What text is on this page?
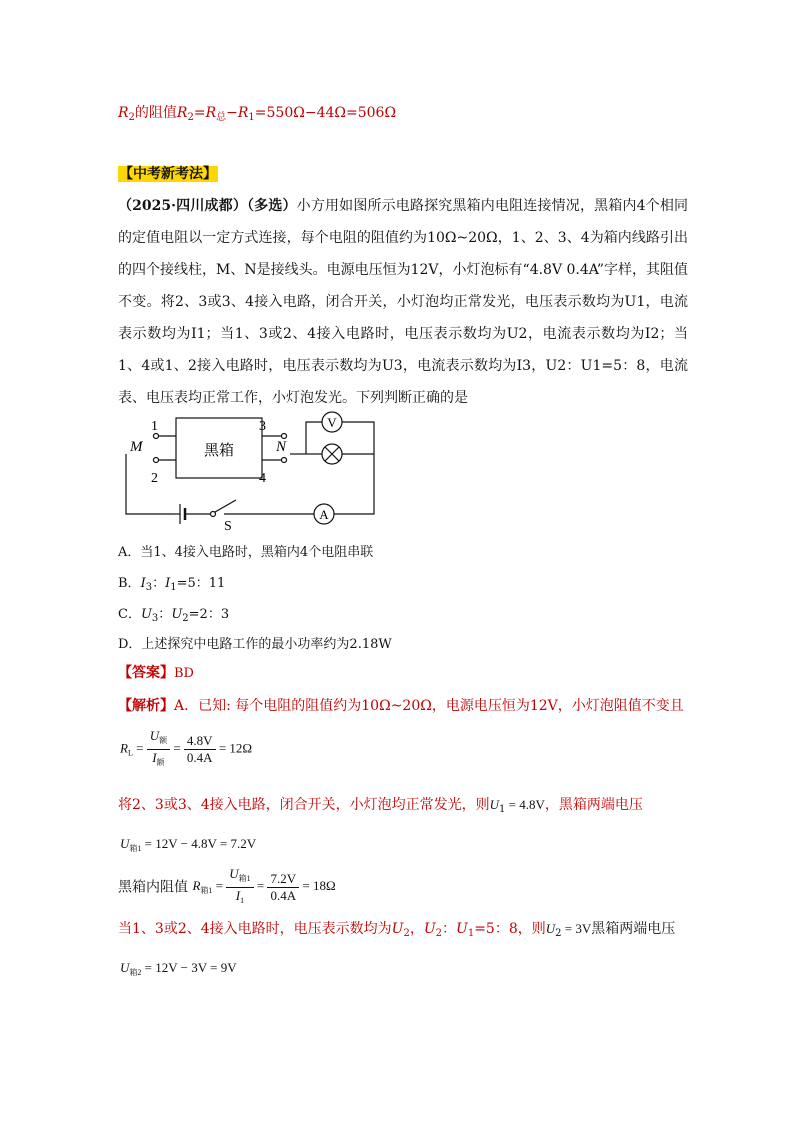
$R_2$的阻值$R_2=R_总-R_1=550\Omega-44\Omega=506\Omega$
【中考新考法】
（2025·四川成都）（多选）小方用如图所示电路探究黑箱内电阻连接情况，黑箱内4个相同的定值电阻以一定方式连接，每个电阻的阻值约为10Ω~20Ω，1、2、3、4为箱内线路引出的四个接线柱，M、N是接线头。电源电压恒为12V，小灯泡标有“4.8V 0.4A”字样，其阻值不变。将2、3或3、4接入电路，闭合开关，小灯泡均正常发光，电压表示数均为U1，电流表示数均为I1；当1、3或2、4接入电路时，电压表示数均为U2，电流表示数均为I2；当1、4或1、2接入电路时，电压表示数均为U3，电流表示数均为I3，U2：U1=5：8，电流表、电压表均正常工作，小灯泡发光。下列判断正确的是
M
1
2
3
4
N
黑箱
V
A
S
A．当1、4接入电路时，黑箱内4个电阻串联
B．$I_3$：$I_1=5$：11
C．$U_3$：$U_2=2$：3
D．上述探究中电路工作的最小功率约为2.18W
【答案】BD
【解析】A．已知: 每个电阻的阻值约为10Ω~20Ω，电源电压恒为12V，小灯泡阻值不变且
$R_L = \frac{U_额}{I_额} = \frac{4.8V}{0.4A} = 12\Omega$
将2、3或3、4接入电路，闭合开关，小灯泡均正常发光，则$U_1 = 4.8V$，黑箱两端电压
$U_{箱1} = 12V - 4.8V = 7.2V$
黑箱内阻值 $R_{箱1} = \frac{U_{箱1}}{I_1} = \frac{7.2V}{0.4A} = 18\Omega$
当1、3或2、4接入电路时，电压表示数均为$U_2$，$U_2$：$U_1=5$：8，则$U_2 = 3V$黑箱两端电压
$U_{箱2} = 12V - 3V = 9V$
